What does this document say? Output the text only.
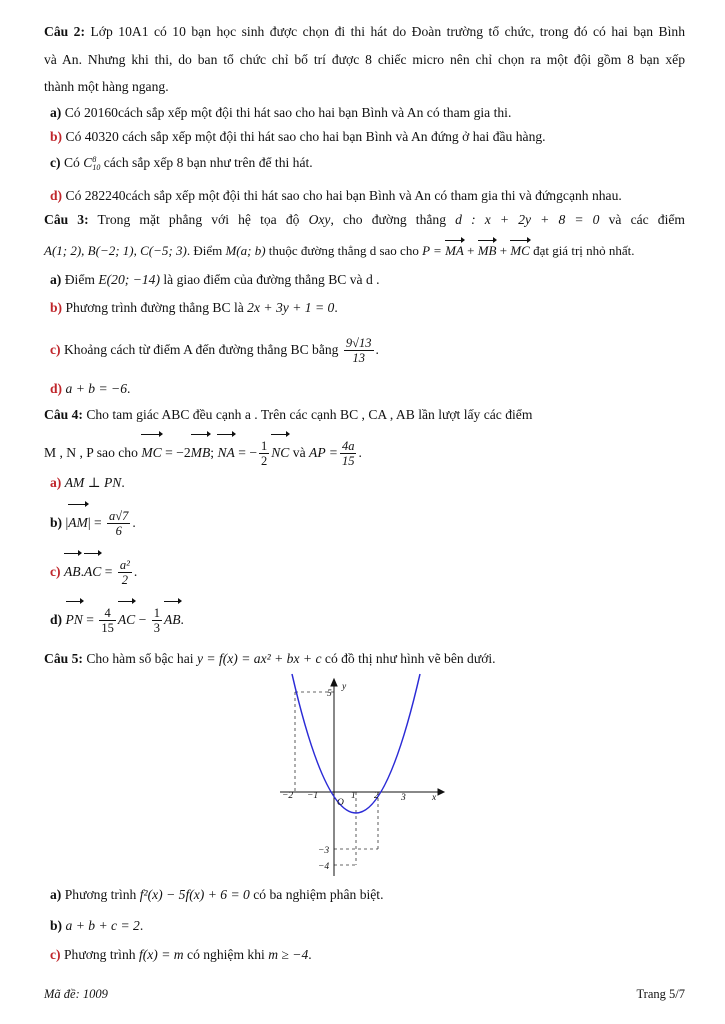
Câu 2: Lớp 10A1 có 10 bạn học sinh được chọn đi thi hát do Đoàn trường tổ chức, trong đó có hai bạn Bình
và An. Nhưng khi thi, do ban tổ chức chỉ bố trí được 8 chiếc micro nên chỉ chọn ra một đội gồm 8 bạn xếp
thành một hàng ngang.
a) Có 20160cách sắp xếp một đội thi hát sao cho hai bạn Bình và An có tham gia thi.
b) Có 40320 cách sắp xếp một đội thi hát sao cho hai bạn Bình và An đứng ở hai đầu hàng.
c) Có C 8
10 cách sắp xếp 8 bạn như trên để thi hát.
d) Có 282240cách sắp xếp một đội thi hát sao cho hai bạn Bình và An có tham gia thi và đứngcạnh nhau.
Câu 3: Trong mặt phẳng với hệ tọa độ Oxy, cho đường thẳng d : x + 2y + 8 = 0 và các điểm
A(1; 2), B(−2; 1), C(−5; 3). Điểm M(a; b) thuộc đường thẳng d sao cho P = MA + MB + MC đạt giá trị nhỏ nhất.
a) Điểm E(20; −14) là giao điểm của đường thẳng BC và d .
b) Phương trình đường thẳng BC là 2x + 3y + 1 = 0.
c) Khoảng cách từ điểm A đến đường thẳng BC bằng $\frac{9√13}{13}$ .
d) a + b = −6.
Câu 4: Cho tam giác ABC đều cạnh a . Trên các cạnh BC , CA , AB lần lượt lấy các điểm
M , N , P sao cho MC = −2MB; NA = − $\frac{1}{2}$ NC và AP = $\frac{4a}{15}$ .
a) AM ⊥ PN.
b) $|AM| = \frac{a√7}{6}$ .
c) $AB.AC = \frac{\text{a²}}{2}$ .
d) PN = $\frac{4}{15}$ AC − $\frac{1}{3}$ AB.
Câu 5: Cho hàm số bậc hai y = f(x) = ax² + bx + c có đồ thị như hình vẽ bên dưới.
−2 −1
O
1 2 3
5
−3
−4
y
x
a) Phương trình f²(x) − 5f(x) + 6 = 0 có ba nghiệm phân biệt.
b) a + b + c = 2.
c) Phương trình f(x) = m có nghiệm khi m ≥ −4.
Mã đề: 1009	Trang 5/7
